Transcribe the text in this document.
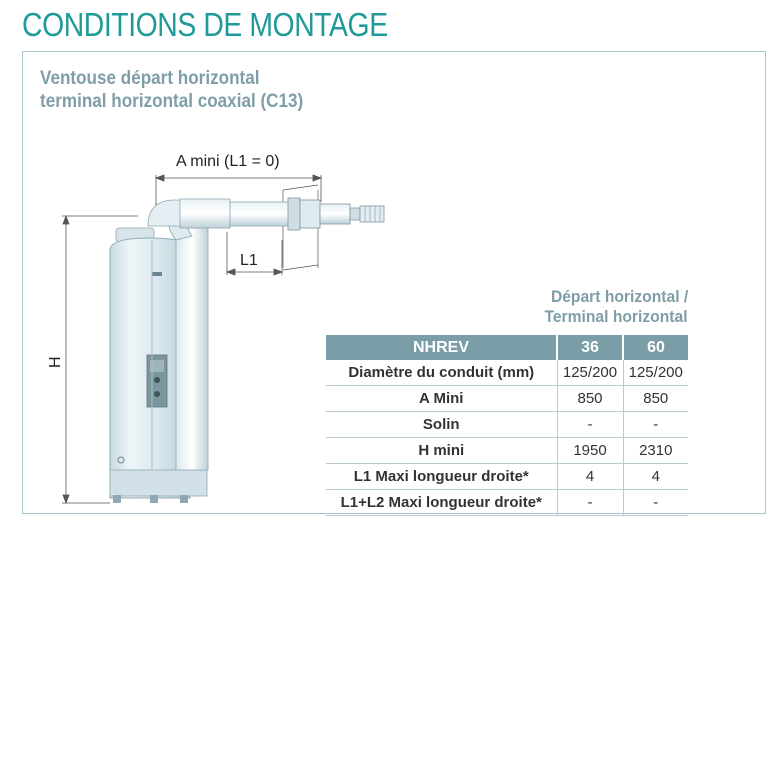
CONDITIONS DE MONTAGE
Ventouse départ horizontal
terminal horizontal coaxial (C13)
H
A mini (L1 = 0)
L1
Départ horizontal /
Terminal horizontal
NHREV	36	60
Diamètre du conduit (mm)	125/200	125/200
A Mini	850	850
Solin	-	-
H mini	1950	2310
L1 Maxi longueur droite*	4	4
L1+L2 Maxi longueur droite*	-	-
